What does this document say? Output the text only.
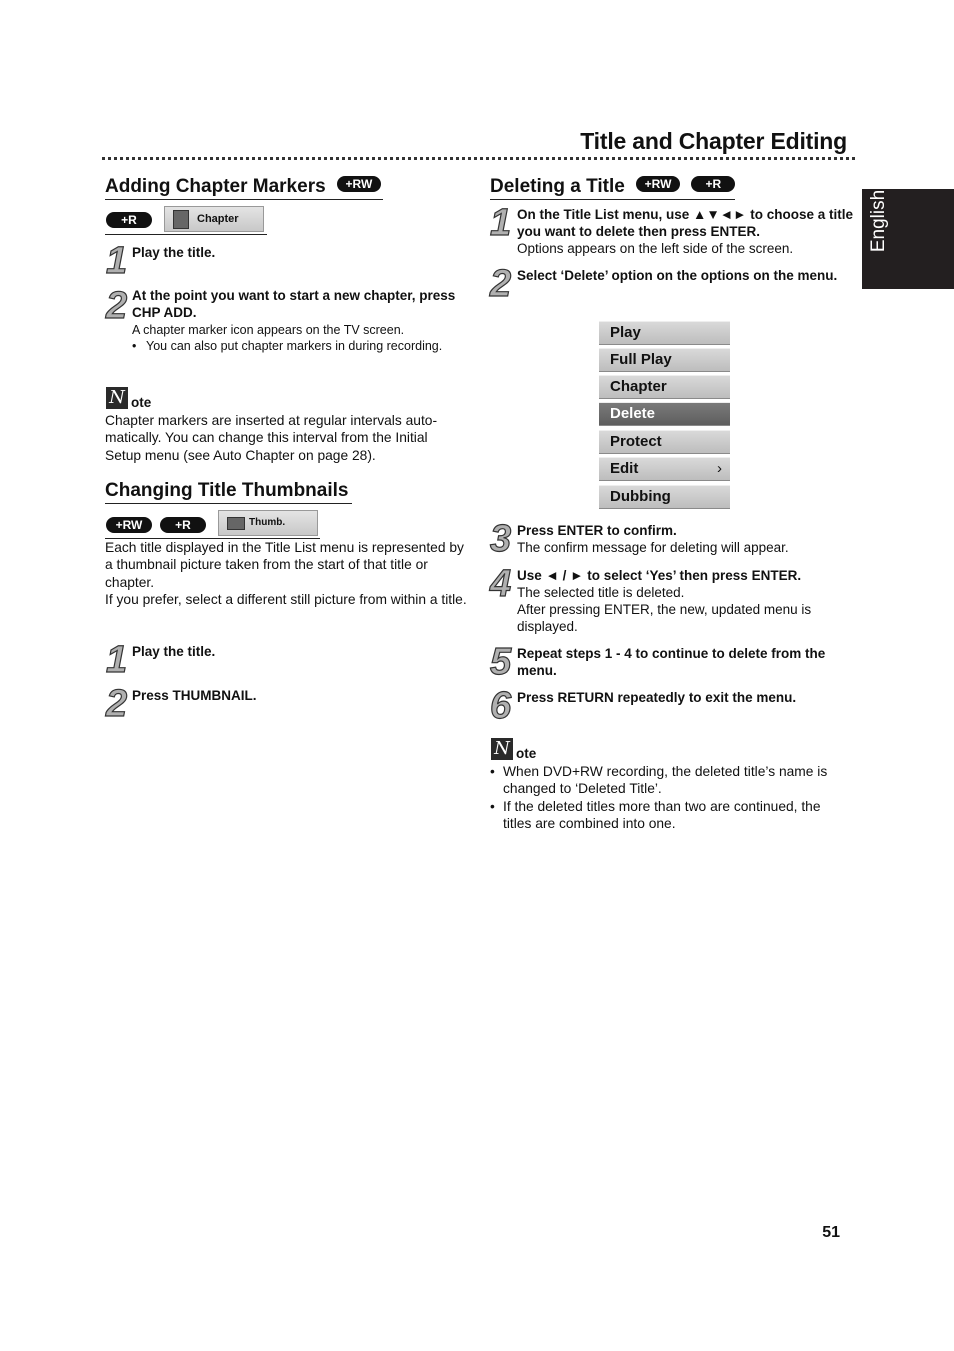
Title and Chapter Editing
English
Adding Chapter Markers +RW
+R	Chapter
1 Play the title.
2 At the point you want to start a new chapter, press CHP ADD.
A chapter marker icon appears on the TV screen.
• You can also put chapter markers in during recording.
N ote
Chapter markers are inserted at regular intervals auto-matically. You can change this interval from the Initial Setup menu (see Auto Chapter on page 28).
Changing Title Thumbnails
+RW	+R	Thumb.
Each title displayed in the Title List menu is represented by a thumbnail picture taken from the start of that title or chapter.
If you prefer, select a different still picture from within a title.
1 Play the title.
2 Press THUMBNAIL.
Deleting a Title +RW	+R
1 On the Title List menu, use ▲▼◄► to choose a title you want to delete then press ENTER.
Options appears on the left side of the screen.
2 Select ‘Delete’ option on the options on the menu.
Play
Full Play
Chapter
Delete
Protect
Edit	›
Dubbing
3 Press ENTER to confirm.
The confirm message for deleting will appear.
4 Use ◄ / ► to select ‘Yes’ then press ENTER.
The selected title is deleted.
After pressing ENTER, the new, updated menu is displayed.
5 Repeat steps 1 - 4 to continue to delete from the menu.
6 Press RETURN repeatedly to exit the menu.
N ote
• When DVD+RW recording, the deleted title’s name is changed to ‘Deleted Title’.
• If the deleted titles more than two are continued, the titles are combined into one.
51
